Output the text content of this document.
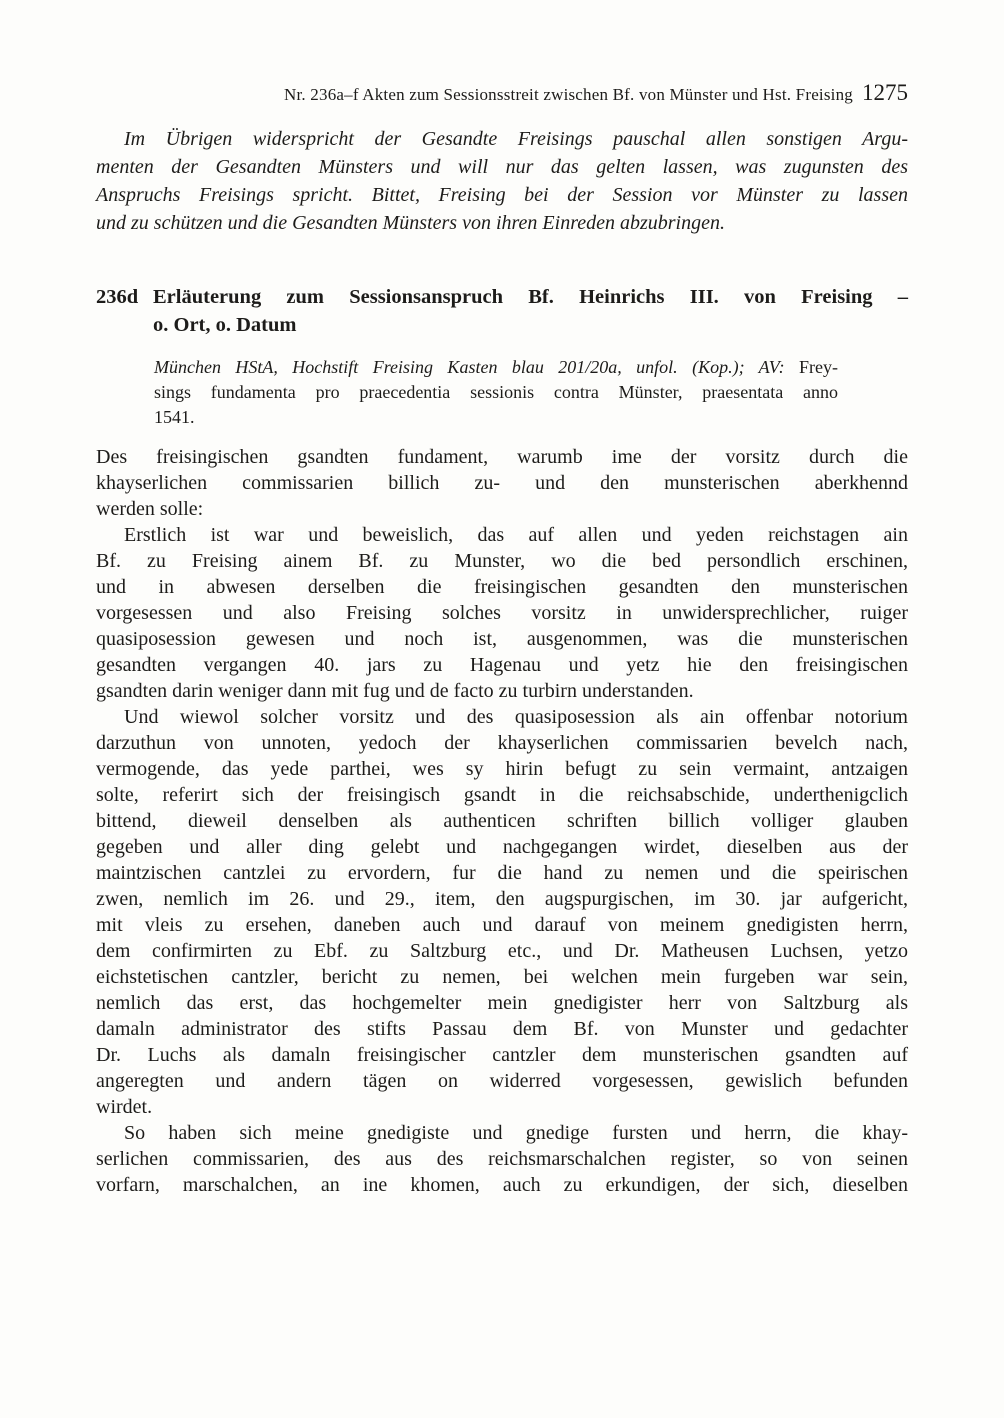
Nr. 236a–f Akten zum Sessionsstreit zwischen Bf. von Münster und Hst. Freising 1275
Im Übrigen widerspricht der Gesandte Freisings pauschal allen sonstigen Argu-
menten der Gesandten Münsters und will nur das gelten lassen, was zugunsten des
Anspruchs Freisings spricht. Bittet, Freising bei der Session vor Münster zu lassen
und zu schützen und die Gesandten Münsters von ihren Einreden abzubringen.
236d Erläuterung zum Sessionsanspruch Bf. Heinrichs III. von Freising –
o. Ort, o. Datum
München HStA, Hochstift Freising Kasten blau 201/20a, unfol. (Kop.); AV: Frey-
sings fundamenta pro praecedentia sessionis contra Münster, praesentata anno
1541.
Des freisingischen gsandten fundament, warumb ime der vorsitz durch die
khayserlichen commissarien billich zu- und den munsterischen aberkhennd
werden solle:
Erstlich ist war und beweislich, das auf allen und yeden reichstagen ain
Bf. zu Freising ainem Bf. zu Munster, wo die bed persondlich erschinen,
und in abwesen derselben die freisingischen gesandten den munsterischen
vorgesessen und also Freising solches vorsitz in unwidersprechlicher, ruiger
quasiposession gewesen und noch ist, ausgenommen, was die munsterischen
gesandten vergangen 40. jars zu Hagenau und yetz hie den freisingischen
gsandten darin weniger dann mit fug und de facto zu turbirn understanden.
Und wiewol solcher vorsitz und des quasiposession als ain offenbar notorium
darzuthun von unnoten, yedoch der khayserlichen commissarien bevelch nach,
vermogende, das yede parthei, wes sy hirin befugt zu sein vermaint, antzaigen
solte, referirt sich der freisingisch gsandt in die reichsabschide, underthenigclich
bittend, dieweil denselben als authenticen schriften billich volliger glauben
gegeben und aller ding gelebt und nachgegangen wirdet, dieselben aus der
maintzischen cantzlei zu ervordern, fur die hand zu nemen und die speirischen
zwen, nemlich im 26. und 29., item, den augspurgischen, im 30. jar aufgericht,
mit vleis zu ersehen, daneben auch und darauf von meinem gnedigisten herrn,
dem confirmirten zu Ebf. zu Saltzburg etc., und Dr. Matheusen Luchsen, yetzo
eichstetischen cantzler, bericht zu nemen, bei welchen mein furgeben war sein,
nemlich das erst, das hochgemelter mein gnedigister herr von Saltzburg als
damaln administrator des stifts Passau dem Bf. von Munster und gedachter
Dr. Luchs als damaln freisingischer cantzler dem munsterischen gsandten auf
angeregten und andern tägen on widerred vorgesessen, gewislich befunden
wirdet.
So haben sich meine gnedigiste und gnedige fursten und herrn, die khay-
serlichen commissarien, des aus des reichsmarschalchen register, so von seinen
vorfarn, marschalchen, an ine khomen, auch zu erkundigen, der sich, dieselben
